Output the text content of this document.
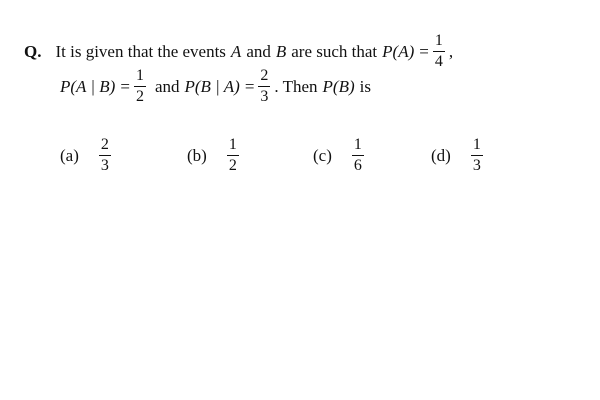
Q. It is given that the events A and B are such that $P(A) = \frac{1}{4}$ ,
P(A | $B) = \frac{1}{2}$ and P(B | $A) = \frac{2}{3}$ . Then P(B) is
$(a) \frac{2}{3}$	$(b) \frac{1}{2}$	$(c) \frac{1}{6}$	$(d) \frac{1}{3}$
